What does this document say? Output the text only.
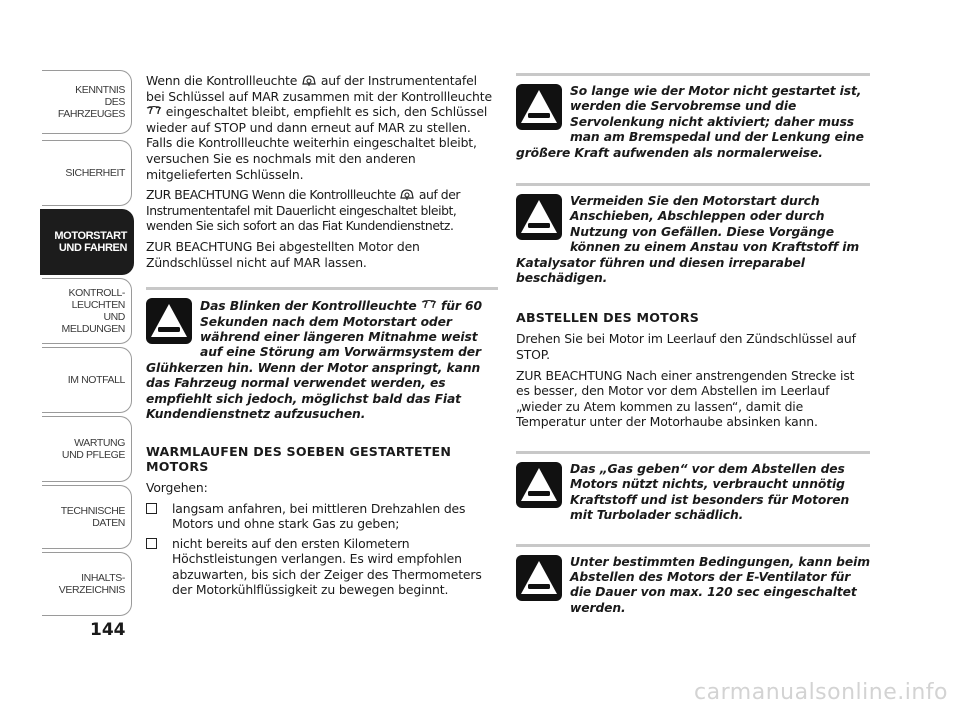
KENNTNIS
DES FAHRZEUGES
SICHERHEIT
MOTORSTART
UND FAHREN
KONTROLL-
LEUCHTEN
UND MELDUNGEN
IM NOTFALL
WARTUNG
UND PFLEGE
TECHNISCHE
DATEN
INHALTS-
VERZEICHNIS
144

Wenn die Kontrollleuchte auf der Instrumententafel bei Schlüssel auf MAR zusammen mit der Kontrollleuchte  eingeschaltet bleibt, empfiehlt es sich, den Schlüssel wieder auf STOP und dann erneut auf MAR zu stellen. Falls die Kontrollleuchte weiterhin eingeschaltet bleibt, versuchen Sie es nochmals mit den anderen mitgelieferten Schlüsseln.

ZUR BEACHTUNG Wenn die Kontrollleuchte auf der Instrumententafel mit Dauerlicht eingeschaltet bleibt, wenden Sie sich sofort an das Fiat Kundendienstnetz.

ZUR BEACHTUNG Bei abgestellten Motor den Zündschlüssel nicht auf MAR lassen.

Das Blinken der Kontrollleuchte für 60 Sekunden nach dem Motorstart oder während einer längeren Mitnahme weist auf eine Störung am Vorwärmsystem der Glühkerzen hin. Wenn der Motor anspringt, kann das Fahrzeug normal verwendet werden, es empfiehlt sich jedoch, möglichst bald das Fiat Kundendienstnetz aufzusuchen.
WARMLAUFEN DES SOEBEN GESTARTETEN MOTORS

Vorgehen:

langsam anfahren, bei mittleren Drehzahlen des Motors und ohne stark Gas zu geben;
nicht bereits auf den ersten Kilometern Höchstleistungen verlangen. Es wird empfohlen abzuwarten, bis sich der Zeiger des Thermometers der Motorkühlflüssigkeit zu bewegen beginnt.
So lange wie der Motor nicht gestartet ist, werden die Servobremse und die Servolenkung nicht aktiviert; daher muss man am Bremspedal und der Lenkung eine größere Kraft aufwenden als normalerweise.
Vermeiden Sie den Motorstart durch Anschieben, Abschleppen oder durch Nutzung von Gefällen. Diese Vorgänge können zu einem Anstau von Kraftstoff im Katalysator führen und diesen irreparabel beschädigen.
ABSTELLEN DES MOTORS

Drehen Sie bei Motor im Leerlauf den Zündschlüssel auf STOP.

ZUR BEACHTUNG Nach einer anstrengenden Strecke ist es besser, den Motor vor dem Abstellen im Leerlauf „wieder zu Atem kommen zu lassen“, damit die Temperatur unter der Motorhaube absinken kann.

Das „Gas geben“ vor dem Abstellen des Motors nützt nichts, verbraucht unnötig Kraftstoff und ist besonders für Motoren mit Turbolader schädlich.
Unter bestimmten Bedingungen, kann beim Abstellen des Motors der E-Ventilator für die Dauer von max. 120 sec eingeschaltet werden.
carmanualsonline.info
